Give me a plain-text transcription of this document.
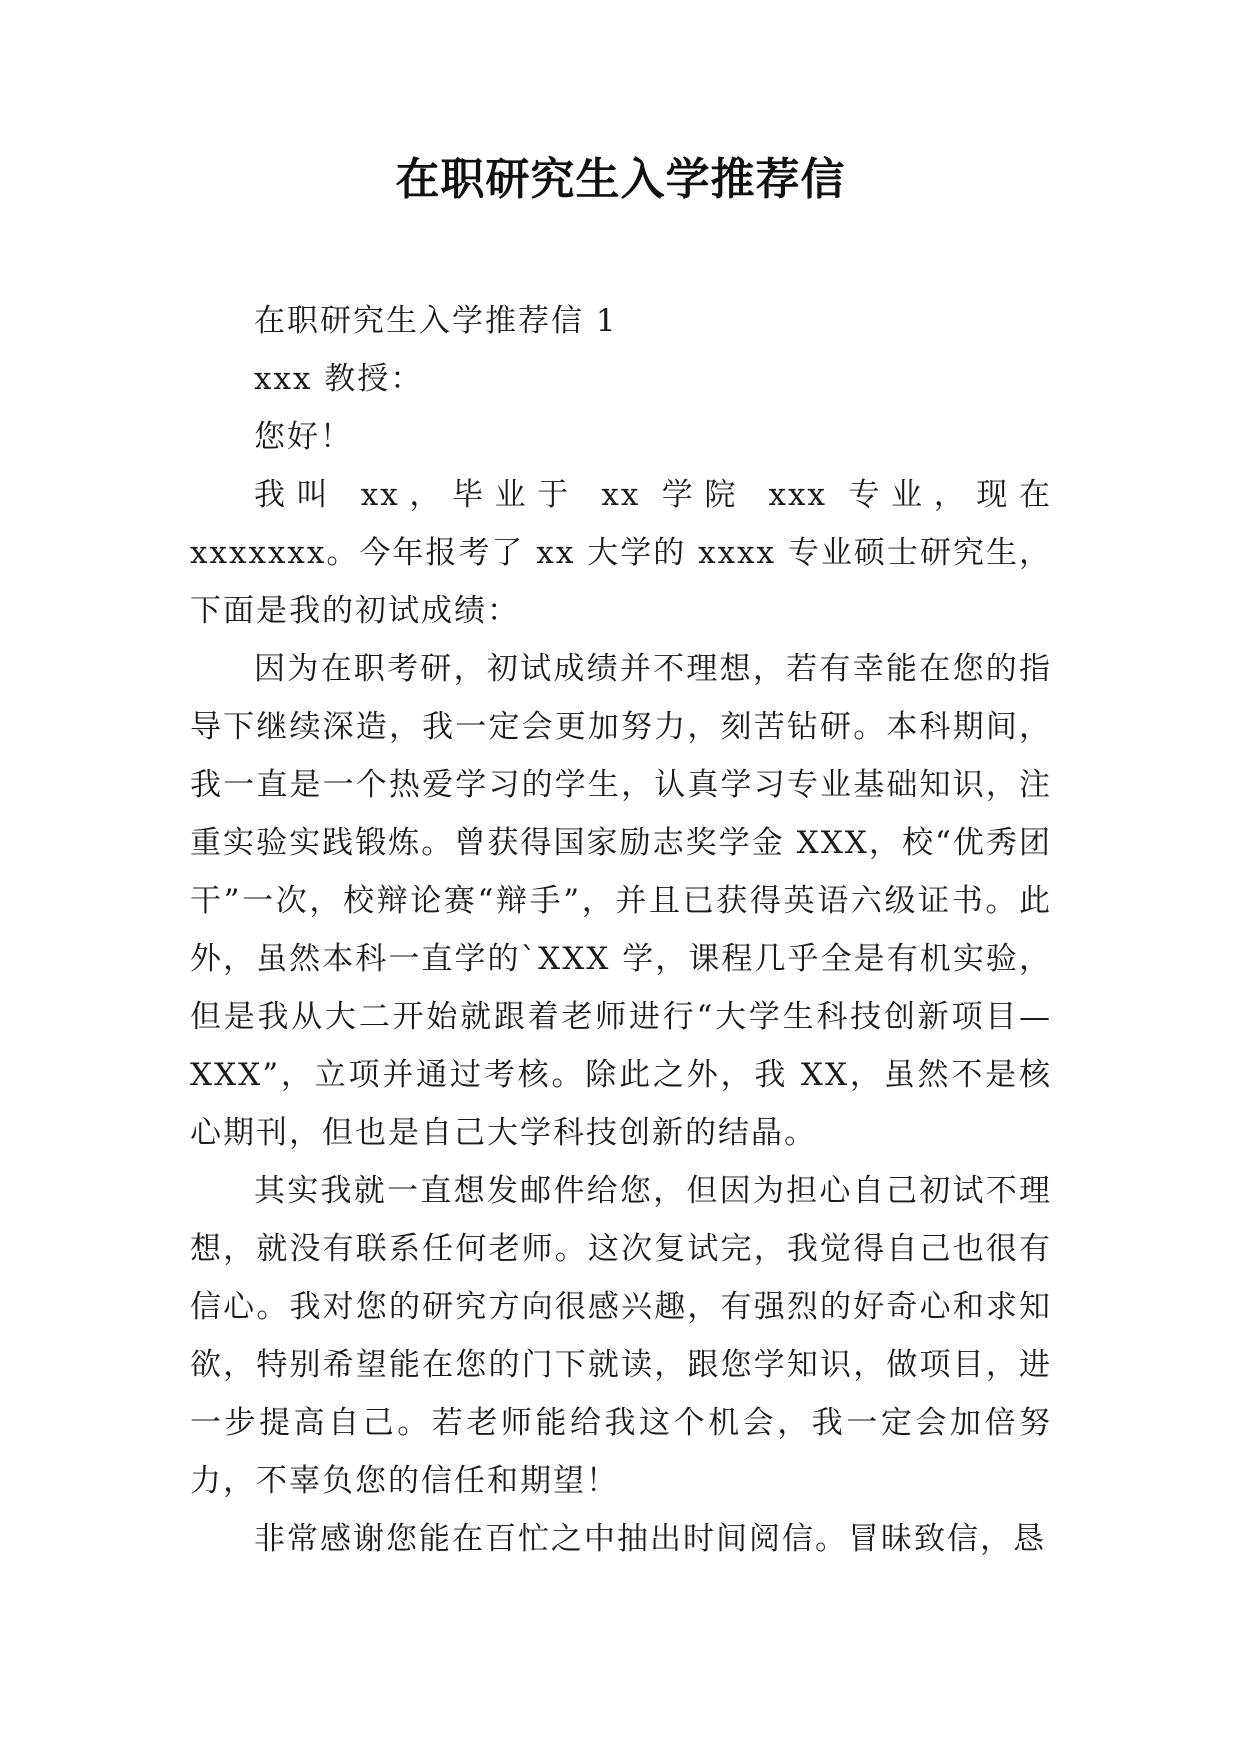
在职研究生入学推荐信

在职研究生入学推荐信 1

xxx 教授：

您好！

我叫 xx，毕业于 xx 学院 xxx 专业，现在 xxxxxxx。今年报考了 xx 大学的 xxxx 专业硕士研究生，下面是我的初试成绩：

因为在职考研，初试成绩并不理想，若有幸能在您的指导下继续深造，我一定会更加努力，刻苦钻研。本科期间，我一直是一个热爱学习的学生，认真学习专业基础知识，注重实验实践锻炼。曾获得国家励志奖学金 XXX，校“优秀团干”一次，校辩论赛“辩手”，并且已获得英语六级证书。此外，虽然本科一直学的`XXX 学，课程几乎全是有机实验，但是我从大二开始就跟着老师进行“大学生科技创新项目—XXX”，立项并通过考核。除此之外，我 XX，虽然不是核心期刊，但也是自己大学科技创新的结晶。

其实我就一直想发邮件给您，但因为担心自己初试不理想，就没有联系任何老师。这次复试完，我觉得自己也很有信心。我对您的研究方向很感兴趣，有强烈的好奇心和求知欲，特别希望能在您的门下就读，跟您学知识，做项目，进一步提高自己。若老师能给我这个机会，我一定会加倍努力，不辜负您的信任和期望！

非常感谢您能在百忙之中抽出时间阅信。冒昧致信，恳
